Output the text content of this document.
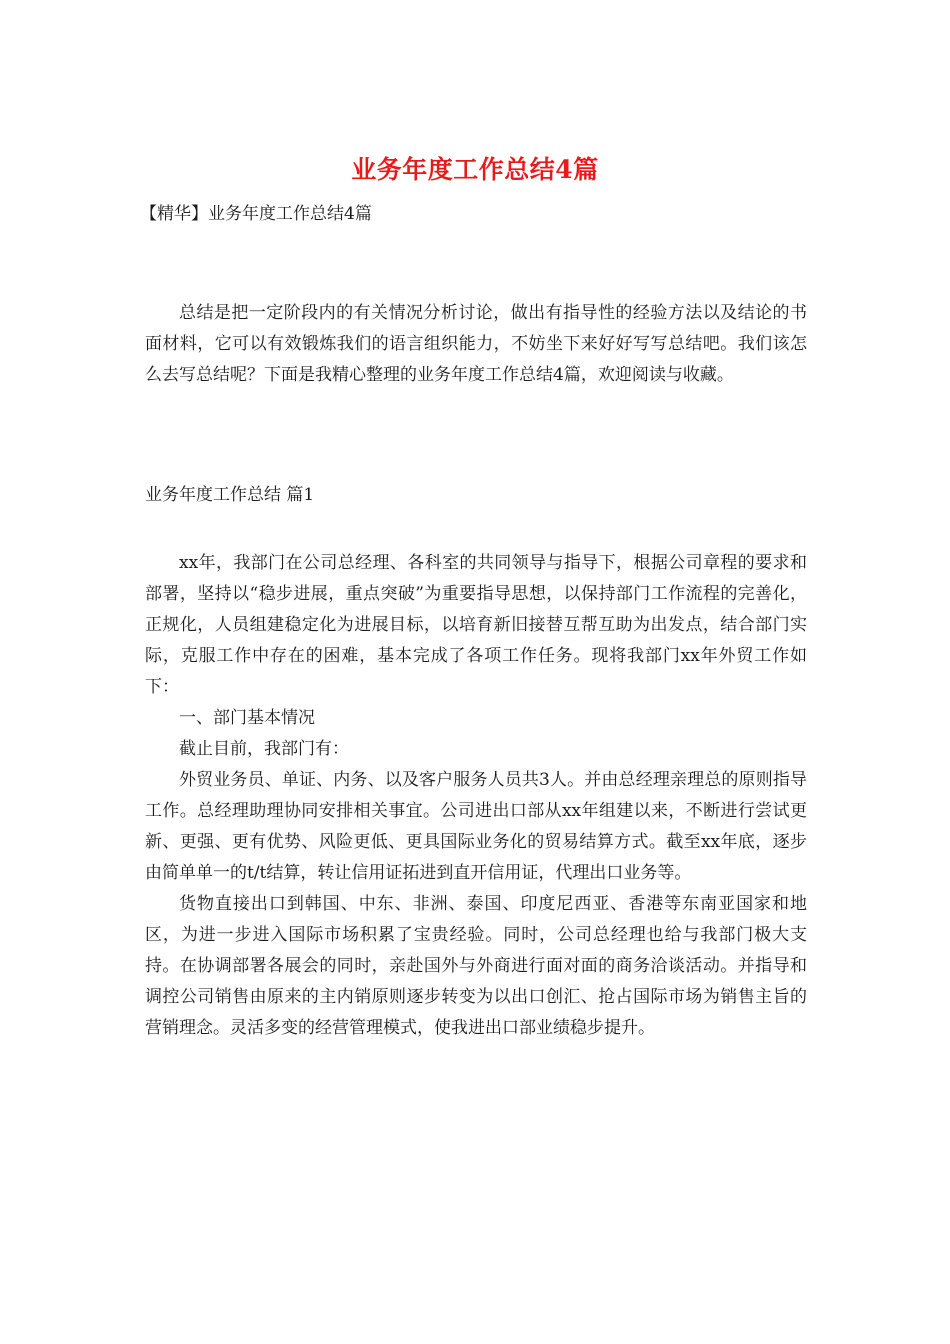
业务年度工作总结4篇
【精华】业务年度工作总结4篇

总结是把一定阶段内的有关情况分析讨论，做出有指导性的经验方法以及结论的书面材料，它可以有效锻炼我们的语言组织能力，不妨坐下来好好写写总结吧。我们该怎么去写总结呢？下面是我精心整理的业务年度工作总结4篇，欢迎阅读与收藏。

业务年度工作总结 篇1

xx年，我部门在公司总经理、各科室的共同领导与指导下，根据公司章程的要求和部署，坚持以“稳步进展，重点突破”为重要指导思想，以保持部门工作流程的完善化，正规化，人员组建稳定化为进展目标，以培育新旧接替互帮互助为出发点，结合部门实际，克服工作中存在的困难，基本完成了各项工作任务。现将我部门xx年外贸工作如下：

一、部门基本情况

截止目前，我部门有：

外贸业务员、单证、内务、以及客户服务人员共3人。并由总经理亲理总的原则指导工作。总经理助理协同安排相关事宜。公司进出口部从xx年组建以来，不断进行尝试更新、更强、更有优势、风险更低、更具国际业务化的贸易结算方式。截至xx年底，逐步由简单单一的t/t结算，转让信用证拓进到直开信用证，代理出口业务等。

货物直接出口到韩国、中东、非洲、泰国、印度尼西亚、香港等东南亚国家和地区，为进一步进入国际市场积累了宝贵经验。同时，公司总经理也给与我部门极大支持。在协调部署各展会的同时，亲赴国外与外商进行面对面的商务洽谈活动。并指导和调控公司销售由原来的主内销原则逐步转变为以出口创汇、抢占国际市场为销售主旨的营销理念。灵活多变的经营管理模式，使我进出口部业绩稳步提升。
